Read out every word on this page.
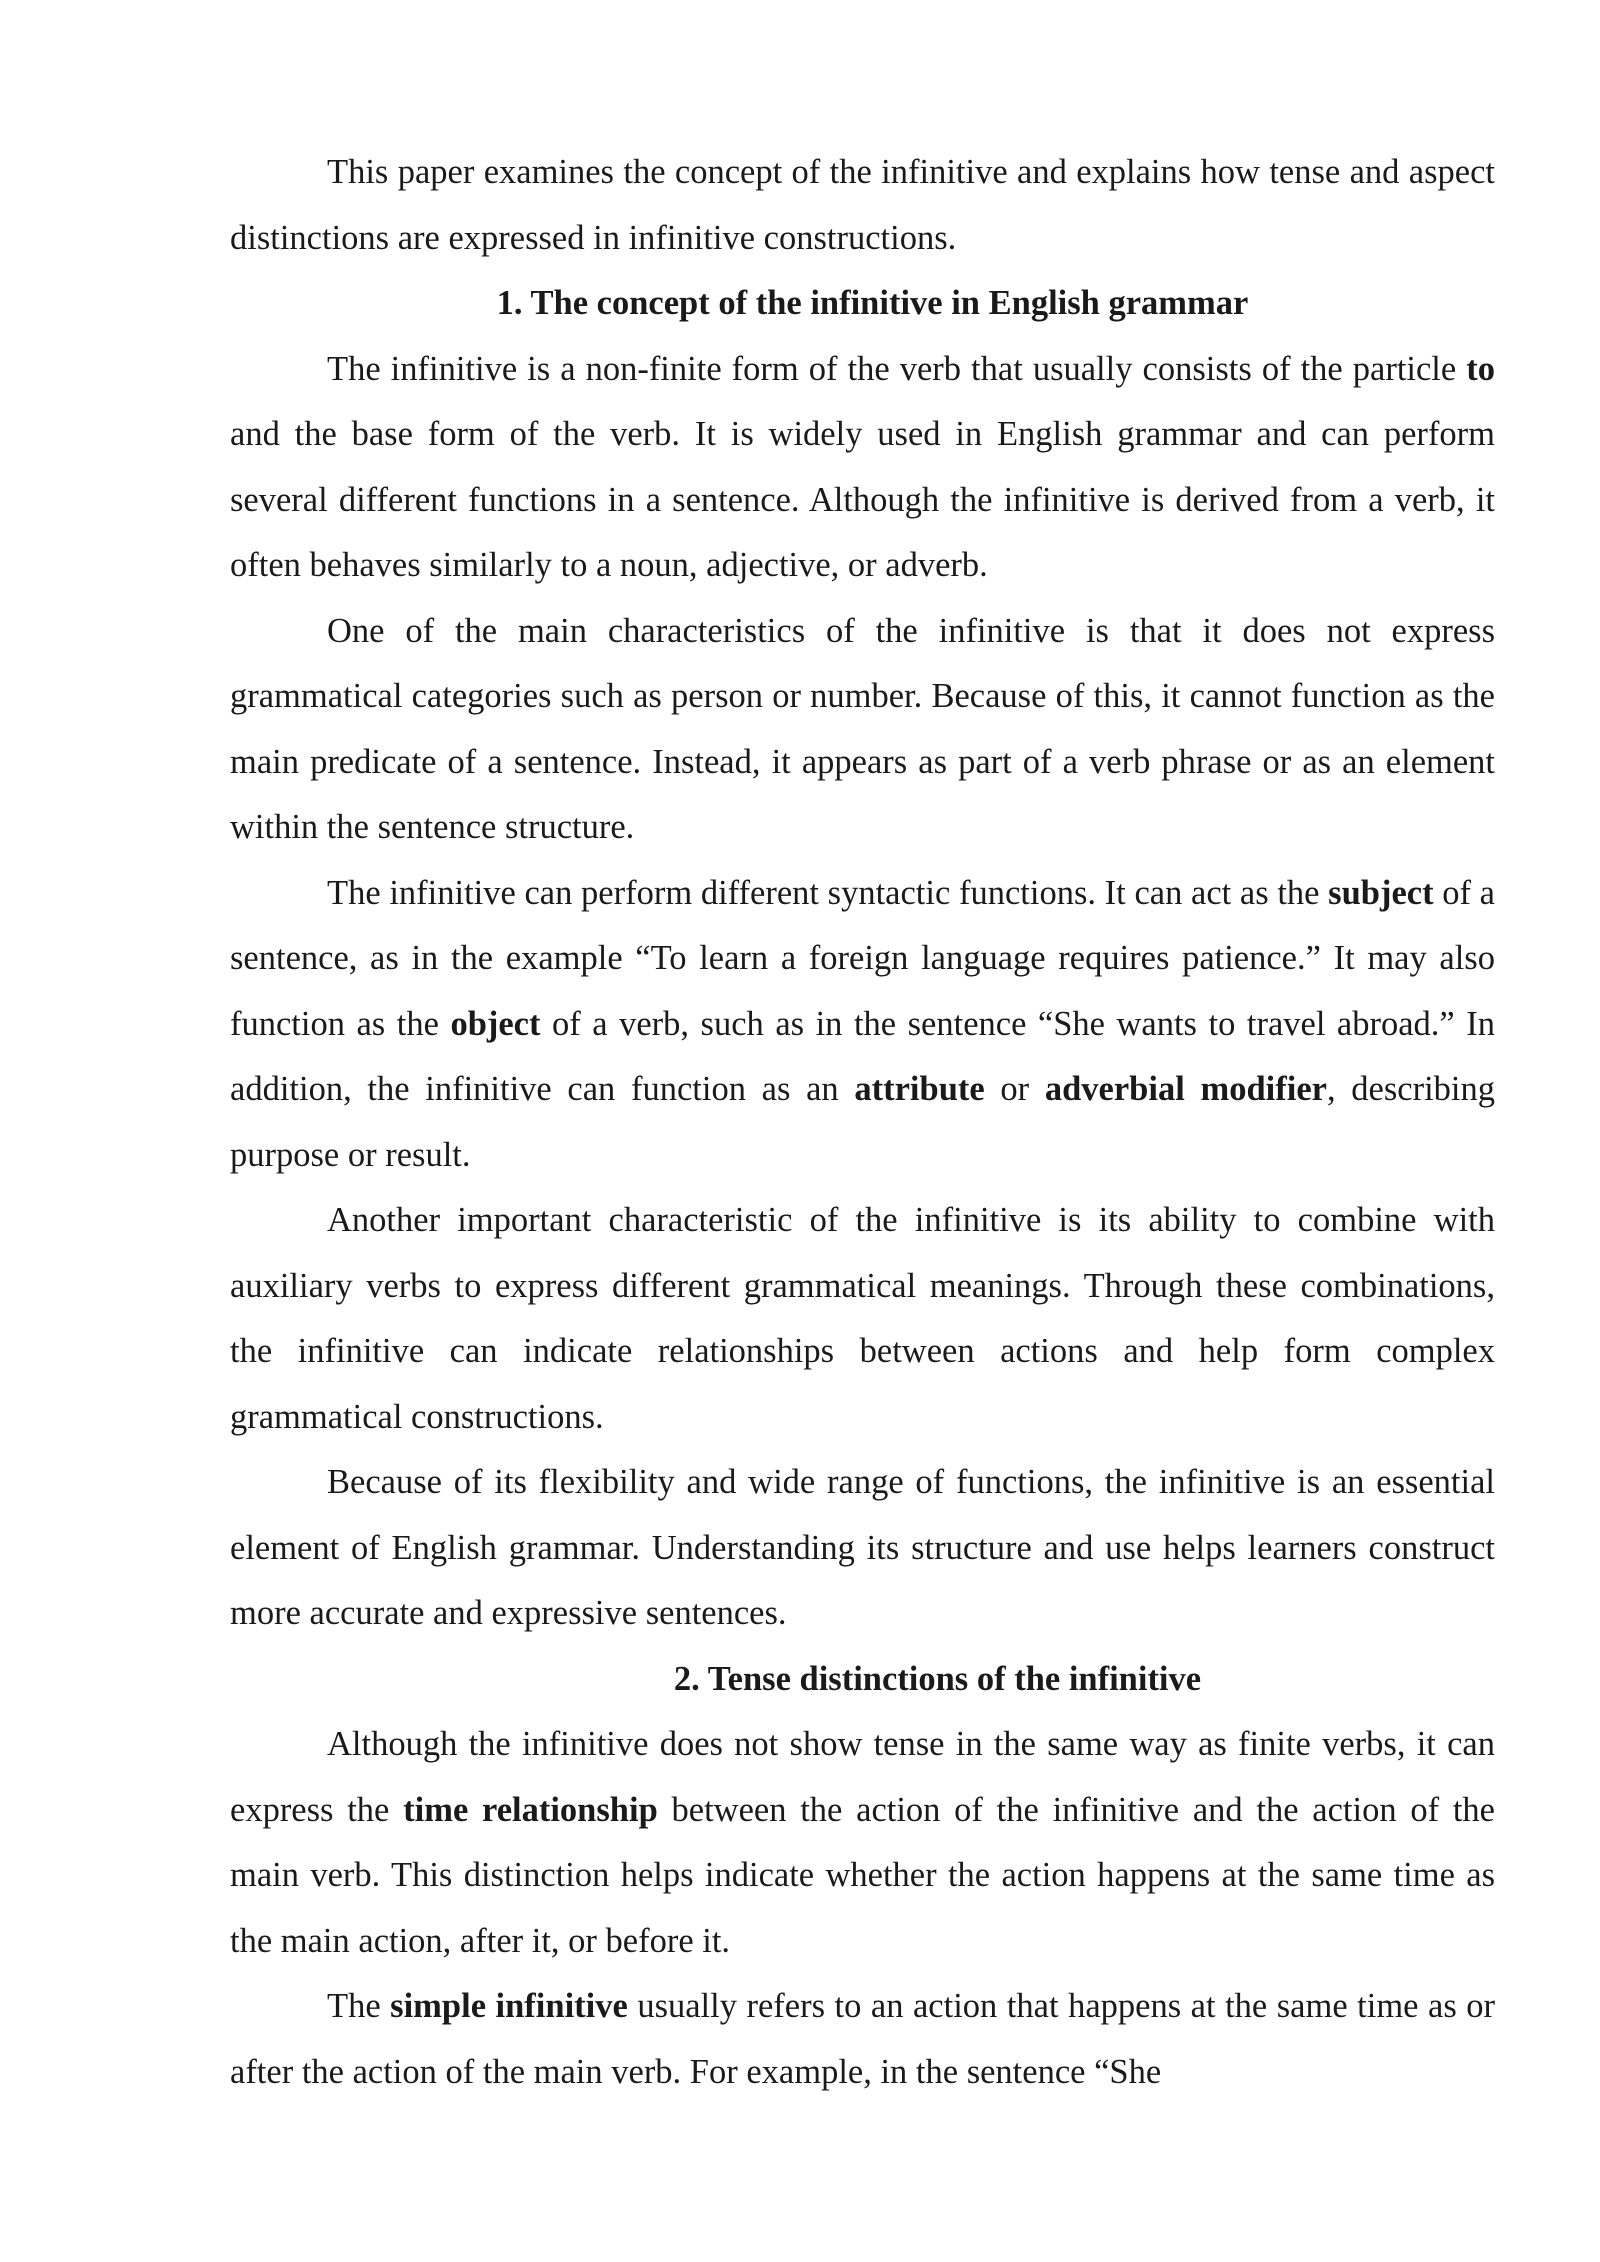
This paper examines the concept of the infinitive and explains how tense and aspect distinctions are expressed in infinitive constructions.

1. The concept of the infinitive in English grammar

The infinitive is a non-finite form of the verb that usually consists of the particle to and the base form of the verb. It is widely used in English grammar and can perform several different functions in a sentence. Although the infinitive is derived from a verb, it often behaves similarly to a noun, adjective, or adverb.

One of the main characteristics of the infinitive is that it does not express grammatical categories such as person or number. Because of this, it cannot function as the main predicate of a sentence. Instead, it appears as part of a verb phrase or as an element within the sentence structure.

The infinitive can perform different syntactic functions. It can act as the subject of a sentence, as in the example “To learn a foreign language requires patience.” It may also function as the object of a verb, such as in the sentence “She wants to travel abroad.” In addition, the infinitive can function as an attribute or adverbial modifier, describing purpose or result.

Another important characteristic of the infinitive is its ability to combine with auxiliary verbs to express different grammatical meanings. Through these combinations, the infinitive can indicate relationships between actions and help form complex grammatical constructions.

Because of its flexibility and wide range of functions, the infinitive is an essential element of English grammar. Understanding its structure and use helps learners construct more accurate and expressive sentences.

2. Tense distinctions of the infinitive

Although the infinitive does not show tense in the same way as finite verbs, it can express the time relationship between the action of the infinitive and the action of the main verb. This distinction helps indicate whether the action happens at the same time as the main action, after it, or before it.

The simple infinitive usually refers to an action that happens at the same time as or after the action of the main verb. For example, in the sentence “She
